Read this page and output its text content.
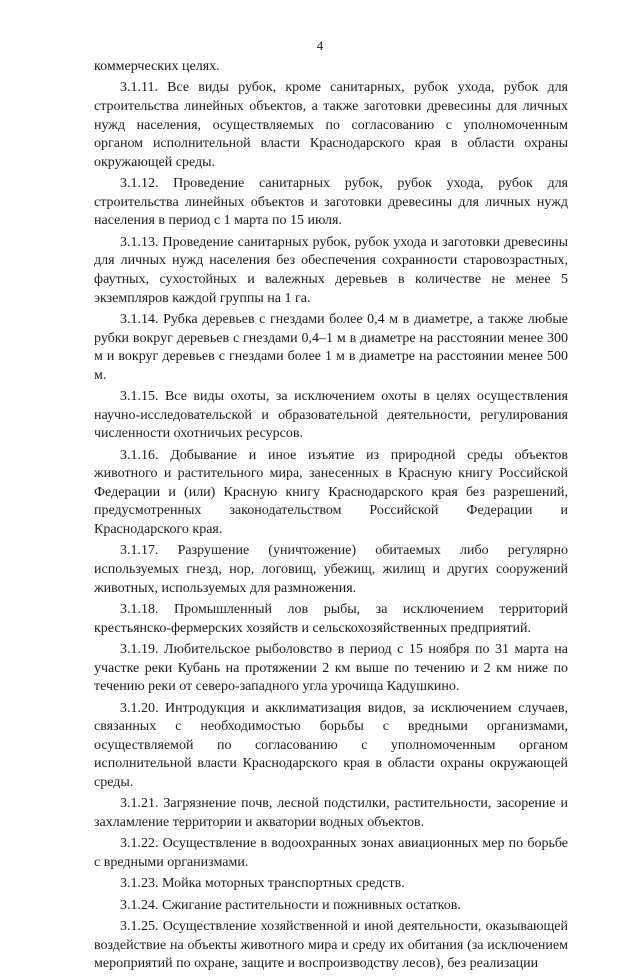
4

коммерческих целях.

3.1.11. Все виды рубок, кроме санитарных, рубок ухода, рубок для строительства линейных объектов, а также заготовки древесины для личных нужд населения, осуществляемых по согласованию с уполномоченным органом исполнительной власти Краснодарского края в области охраны окружающей среды.

3.1.12. Проведение санитарных рубок, рубок ухода, рубок для строительства линейных объектов и заготовки древесины для личных нужд населения в период с 1 марта по 15 июля.

3.1.13. Проведение санитарных рубок, рубок ухода и заготовки древесины для личных нужд населения без обеспечения сохранности старовозрастных, фаутных, сухостойных и валежных деревьев в количестве не менее 5 экземпляров каждой группы на 1 га.

3.1.14. Рубка деревьев с гнездами более 0,4 м в диаметре, а также любые рубки вокруг деревьев с гнездами 0,4–1 м в диаметре на расстоянии менее 300 м и вокруг деревьев с гнездами более 1 м в диаметре на расстоянии менее 500 м.

3.1.15. Все виды охоты, за исключением охоты в целях осуществления научно-исследовательской и образовательной деятельности, регулирования численности охотничьих ресурсов.

3.1.16. Добывание и иное изъятие из природной среды объектов животного и растительного мира, занесенных в Красную книгу Российской Федерации и (или) Красную книгу Краснодарского края без разрешений, предусмотренных законодательством Российской Федерации и Краснодарского края.

3.1.17. Разрушение (уничтожение) обитаемых либо регулярно используемых гнезд, нор, логовищ, убежищ, жилищ и других сооружений животных, используемых для размножения.

3.1.18. Промышленный лов рыбы, за исключением территорий крестьянско-фермерских хозяйств и сельскохозяйственных предприятий.

3.1.19. Любительское рыболовство в период с 15 ноября по 31 марта на участке реки Кубань на протяжении 2 км выше по течению и 2 км ниже по течению реки от северо-западного угла урочища Кадушкино.

3.1.20. Интродукция и акклиматизация видов, за исключением случаев, связанных с необходимостью борьбы с вредными организмами, осуществляемой по согласованию с уполномоченным органом исполнительной власти Краснодарского края в области охраны окружающей среды.

3.1.21. Загрязнение почв, лесной подстилки, растительности, засорение и захламление территории и акватории водных объектов.

3.1.22. Осуществление в водоохранных зонах авиационных мер по борьбе с вредными организмами.

3.1.23. Мойка моторных транспортных средств.

3.1.24. Сжигание растительности и пожнивных остатков.

3.1.25. Осуществление хозяйственной и иной деятельности, оказывающей воздействие на объекты животного мира и среду их обитания (за исключением мероприятий по охране, защите и воспроизводству лесов), без реализации
